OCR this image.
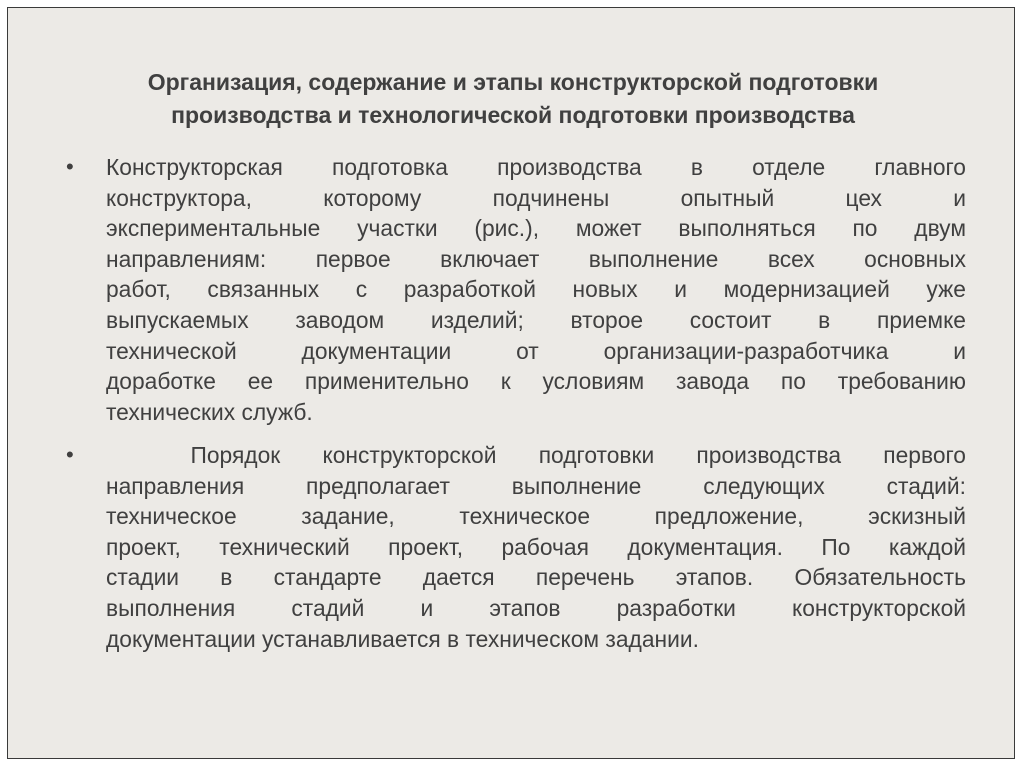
Организация, содержание и этапы конструкторской подготовки
производства и технологической подготовки производства
• Конструкторская подготовка производства в отделе главного
конструктора, которому подчинены опытный цех и
экспериментальные участки (рис.), может выполняться по двум
направлениям: первое включает выполнение всех основных
работ, связанных с разработкой новых и модернизацией уже
выпускаемых заводом изделий; второе состоит в приемке
технической документации от организации-разработчика и
доработке ее применительно к условиям завода по требованию
технических служб.
• Порядок конструкторской подготовки производства первого
направления предполагает выполнение следующих стадий:
техническое задание, техническое предложение, эскизный
проект, технический проект, рабочая документация. По каждой
стадии в стандарте дается перечень этапов. Обязательность
выполнения стадий и этапов разработки конструкторской
документации устанавливается в техническом задании.
